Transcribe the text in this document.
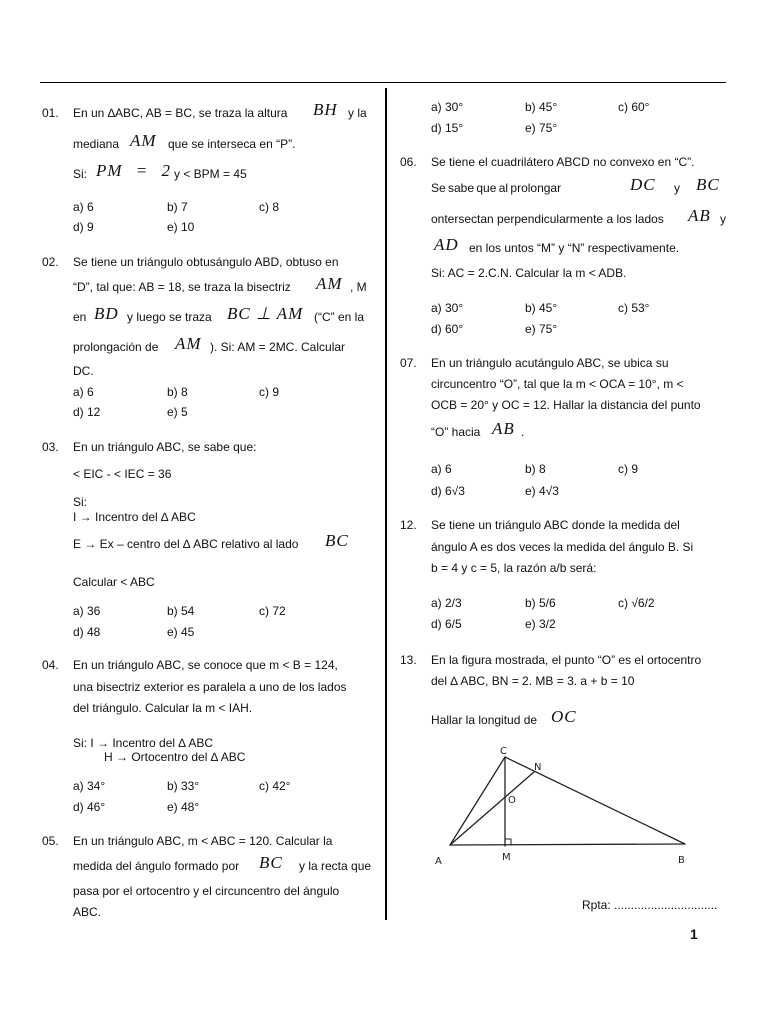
01. En un ∆ABC, AB = BC, se traza la altura BH y la
mediana AM que se interseca en “P”.
Si: PM = 2 y < BPM = 45
a) 6	b) 7	c) 8
d) 9	e) 10
02. Se tiene un triángulo obtusángulo ABD, obtuso en
“D”, tal que: AB = 18, se traza la bisectriz AM , M
en BD y luego se traza BC ⊥ AM (“C” en la
prolongación de AM ). Si: AM = 2MC. Calcular
DC.
a) 6	b) 8	c) 9
d) 12	e) 5
03. En un triángulo ABC, se sabe que:
< EIC - < IEC = 36
Si:
I → Incentro del ∆ ABC
E → Ex – centro del ∆ ABC relativo al lado BC
Calcular < ABC
a) 36	b) 54	c) 72
d) 48	e) 45
04. En un triángulo ABC, se conoce que m < B = 124,
una bisectriz exterior es paralela a uno de los lados
del triángulo. Calcular la m < IAH.
Si: I → Incentro del ∆ ABC
H → Ortocentro del ∆ ABC
a) 34°	b) 33°	c) 42°
d) 46°	e) 48°
05. En un triángulo ABC, m < ABC = 120. Calcular la
medida del ángulo formado por BC y la recta que
pasa por el ortocentro y el circuncentro del ángulo
ABC.
a) 30°	b) 45°	c) 60°
d) 15°	e) 75°
06. Se tiene el cuadrilátero ABCD no convexo en “C”.
Se sabe que al prolongar	DC y BC
ontersectan perpendicularmente a los lados AB y
AD en los untos “M” y “N” respectivamente.
Si: AC = 2.C.N. Calcular la m < ADB.
a) 30°	b) 45°	c) 53°
d) 60°	e) 75°
07. En un triángulo acutángulo ABC, se ubica su
circuncentro “O”, tal que la m < OCA = 10°, m <
OCB = 20° y OC = 12. Hallar la distancia del punto
“O” hacia AB .
a) 6	b) 8	c) 9
d) 6√3	e) 4√3
12. Se tiene un triángulo ABC donde la medida del
ángulo A es dos veces la medida del ángulo B. Si
b = 4 y c = 5, la razón a/b será:
a) 2/3	b) 5/6	c) √6/2
d) 6/5	e) 3/2
13. En la figura mostrada, el punto “O” es el ortocentro
del ∆ ABC, BN = 2. MB = 3. a + b = 10
Hallar la longitud de OC
A	B
C
M
N
O
Rpta: ...............................
1
